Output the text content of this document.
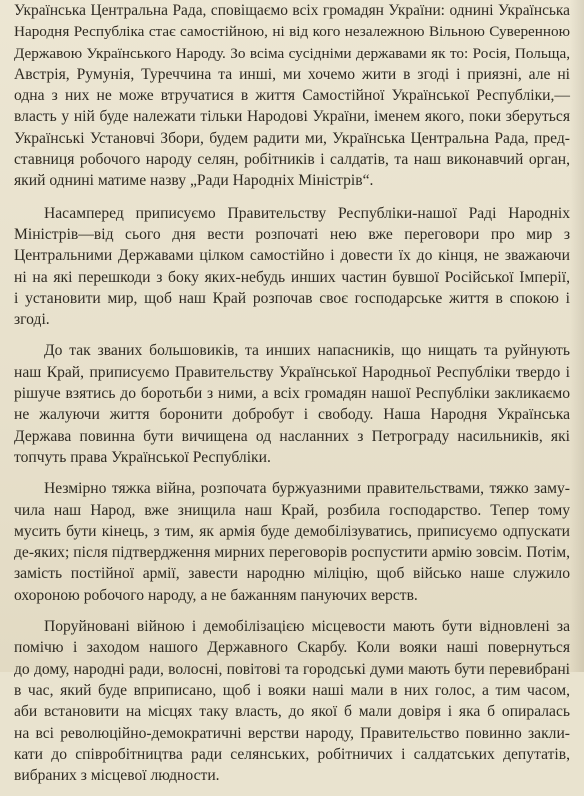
Українська Центральна Рада, сповіщаємо всіх громадян України: однині Українська
Народня Республіка стає самостійною, ні від кого незалежною Вільною Суверенною
Державою Українського Народу. Зо всіма сусідніми державами як то: Росія, Польща,
Австрія, Румунія, Туреччина та инші, ми хочемо жити в згоді і приязні, але ні
одна з них не може втручатися в життя Самостійної Української Республіки,—
власть у ній буде належати тільки Народові України, іменем якого, поки зберуться
Українські Установчі Збори, будем радити ми, Українська Центральна Рада, пред-
ставниця робочого народу селян, робітників і салдатів, та наш виконавчий орган,
який однині матиме назву „Ради Народніх Міністрів“.
Насамперед приписуємо Правительству Республіки-нашої Раді Народніх
Міністрів—від сього дня вести розпочаті нею вже переговори про мир з
Центральними Державами цілком самостійно і довести їх до кінця, не зважаючи
ні на які перешкоди з боку яких-небудь инших частин бувшої Російської Імперії,
і установити мир, щоб наш Край розпочав своє господарське життя в спокою і
згоді.
До так званих большовиків, та инших напасників, що нищать та руйнують
наш Край, приписуємо Правительству Української Народньої Республіки твердо і
рішуче взятись до боротьби з ними, а всіх громадян нашої Республіки закликаємо
не жалуючи життя боронити добробут і свободу. Наша Народня Українська
Держава повинна бути вичищена од насланних з Петрограду насильників, які
топчуть права Української Республіки.
Незмірно тяжка війна, розпочата буржуазними правительствами, тяжко заму-
чила наш Народ, вже знищила наш Край, розбила господарство. Тепер тому
мусить бути кінець, з тим, як армія буде демобілізуватись, приписуємо одпускати
де-яких; після підтвердження мирних переговорів роспустити армію зовсім. Потім,
замість постійної армії, завести народню міліцію, щоб військо наше служило
охороною робочого народу, а не бажанням пануючих верств.
Поруйновані війною і демобілізацією місцевости мають бути відновлені за
помічю і заходом нашого Державного Скарбу. Коли вояки наші повернуться
до дому, народні ради, волосні, повітові та городські думи мають бути перевибрані
в час, який буде вприписано, щоб і вояки наші мали в них голос, а тим часом,
аби встановити на місцях таку власть, до якої б мали довіря і яка б опиралась
на всі революційно-демократичні верстви народу, Правительство повинно закли-
кати до співробітництва ради селянських, робітничих і салдатських депутатів,
вибраних з місцевої людности.
